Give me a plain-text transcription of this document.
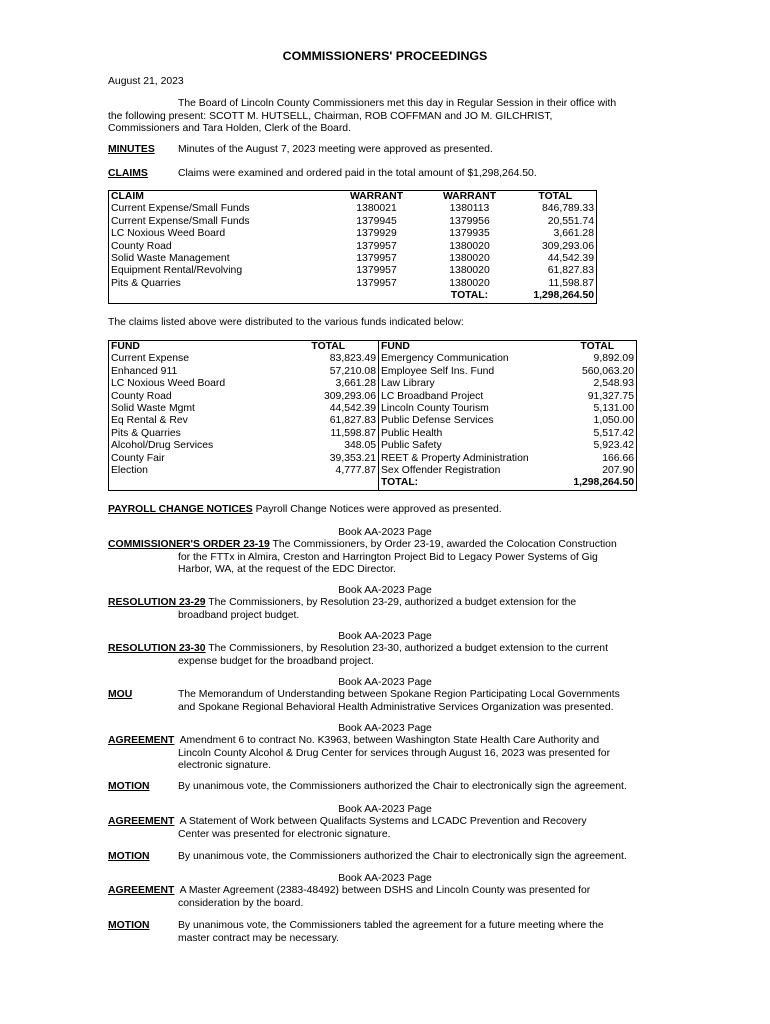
COMMISSIONERS' PROCEEDINGS
August 21, 2023
The Board of Lincoln County Commissioners met this day in Regular Session in their office with
the following present: SCOTT M. HUTSELL, Chairman, ROB COFFMAN and JO M. GILCHRIST,
Commissioners and Tara Holden, Clerk of the Board.
MINUTES Minutes of the August 7, 2023 meeting were approved as presented.
CLAIMS	Claims were examined and ordered paid in the total amount of $1,298,264.50.
CLAIM	WARRANT	WARRANT	TOTAL
Current Expense/Small Funds	1380021	1380113	846,789.33
Current Expense/Small Funds	1379945	1379956	20,551.74
LC Noxious Weed Board	1379929	1379935	3,661.28
County Road	1379957	1380020	309,293.06
Solid Waste Management	1379957	1380020	44,542.39
Equipment Rental/Revolving	1379957	1380020	61,827.83
Pits & Quarries	1379957	1380020	11,598.87
		TOTAL:	1,298,264.50
The claims listed above were distributed to the various funds indicated below:
FUND	TOTAL	FUND	TOTAL
Current Expense	83,823.49	Emergency Communication	9,892.09
Enhanced 911	57,210.08	Employee Self Ins. Fund	560,063.20
LC Noxious Weed Board	3,661.28	Law Library	2,548.93
County Road	309,293.06	LC Broadband Project	91,327.75
Solid Waste Mgmt	44,542.39	Lincoln County Tourism	5,131.00
Eq Rental & Rev	61,827.83	Public Defense Services	1,050.00
Pits & Quarries	11,598.87	Public Health	5,517.42
Alcohol/Drug Services	348.05	Public Safety	5,923.42
County Fair	39,353.21	REET & Property Administration	166.66
Election	4,777.87	Sex Offender Registration	207.90
		TOTAL:	1,298,264.50
PAYROLL CHANGE NOTICES Payroll Change Notices were approved as presented.
Book AA-2023 Page
COMMISSIONER'S ORDER 23-19 The Commissioners, by Order 23-19, awarded the Colocation Construction
for the FTTx in Almira, Creston and Harrington Project Bid to Legacy Power Systems of Gig
Harbor, WA, at the request of the EDC Director.
Book AA-2023 Page
RESOLUTION 23-29 The Commissioners, by Resolution 23-29, authorized a budget extension for the
broadband project budget.
Book AA-2023 Page
RESOLUTION 23-30 The Commissioners, by Resolution 23-30, authorized a budget extension to the current
expense budget for the broadband project.
Book AA-2023 Page
MOU	The Memorandum of Understanding between Spokane Region Participating Local Governments
and Spokane Regional Behavioral Health Administrative Services Organization was presented.
Book AA-2023 Page
AGREEMENT  Amendment 6 to contract No. K3963, between Washington State Health Care Authority and
Lincoln County Alcohol & Drug Center for services through August 16, 2023 was presented for
electronic signature.
MOTION	By unanimous vote, the Commissioners authorized the Chair to electronically sign the agreement.
Book AA-2023 Page
AGREEMENT  A Statement of Work between Qualifacts Systems and LCADC Prevention and Recovery
Center was presented for electronic signature.
MOTION	By unanimous vote, the Commissioners authorized the Chair to electronically sign the agreement.
Book AA-2023 Page
AGREEMENT  A Master Agreement (2383-48492) between DSHS and Lincoln County was presented for
consideration by the board.
MOTION	By unanimous vote, the Commissioners tabled the agreement for a future meeting where the
master contract may be necessary.
